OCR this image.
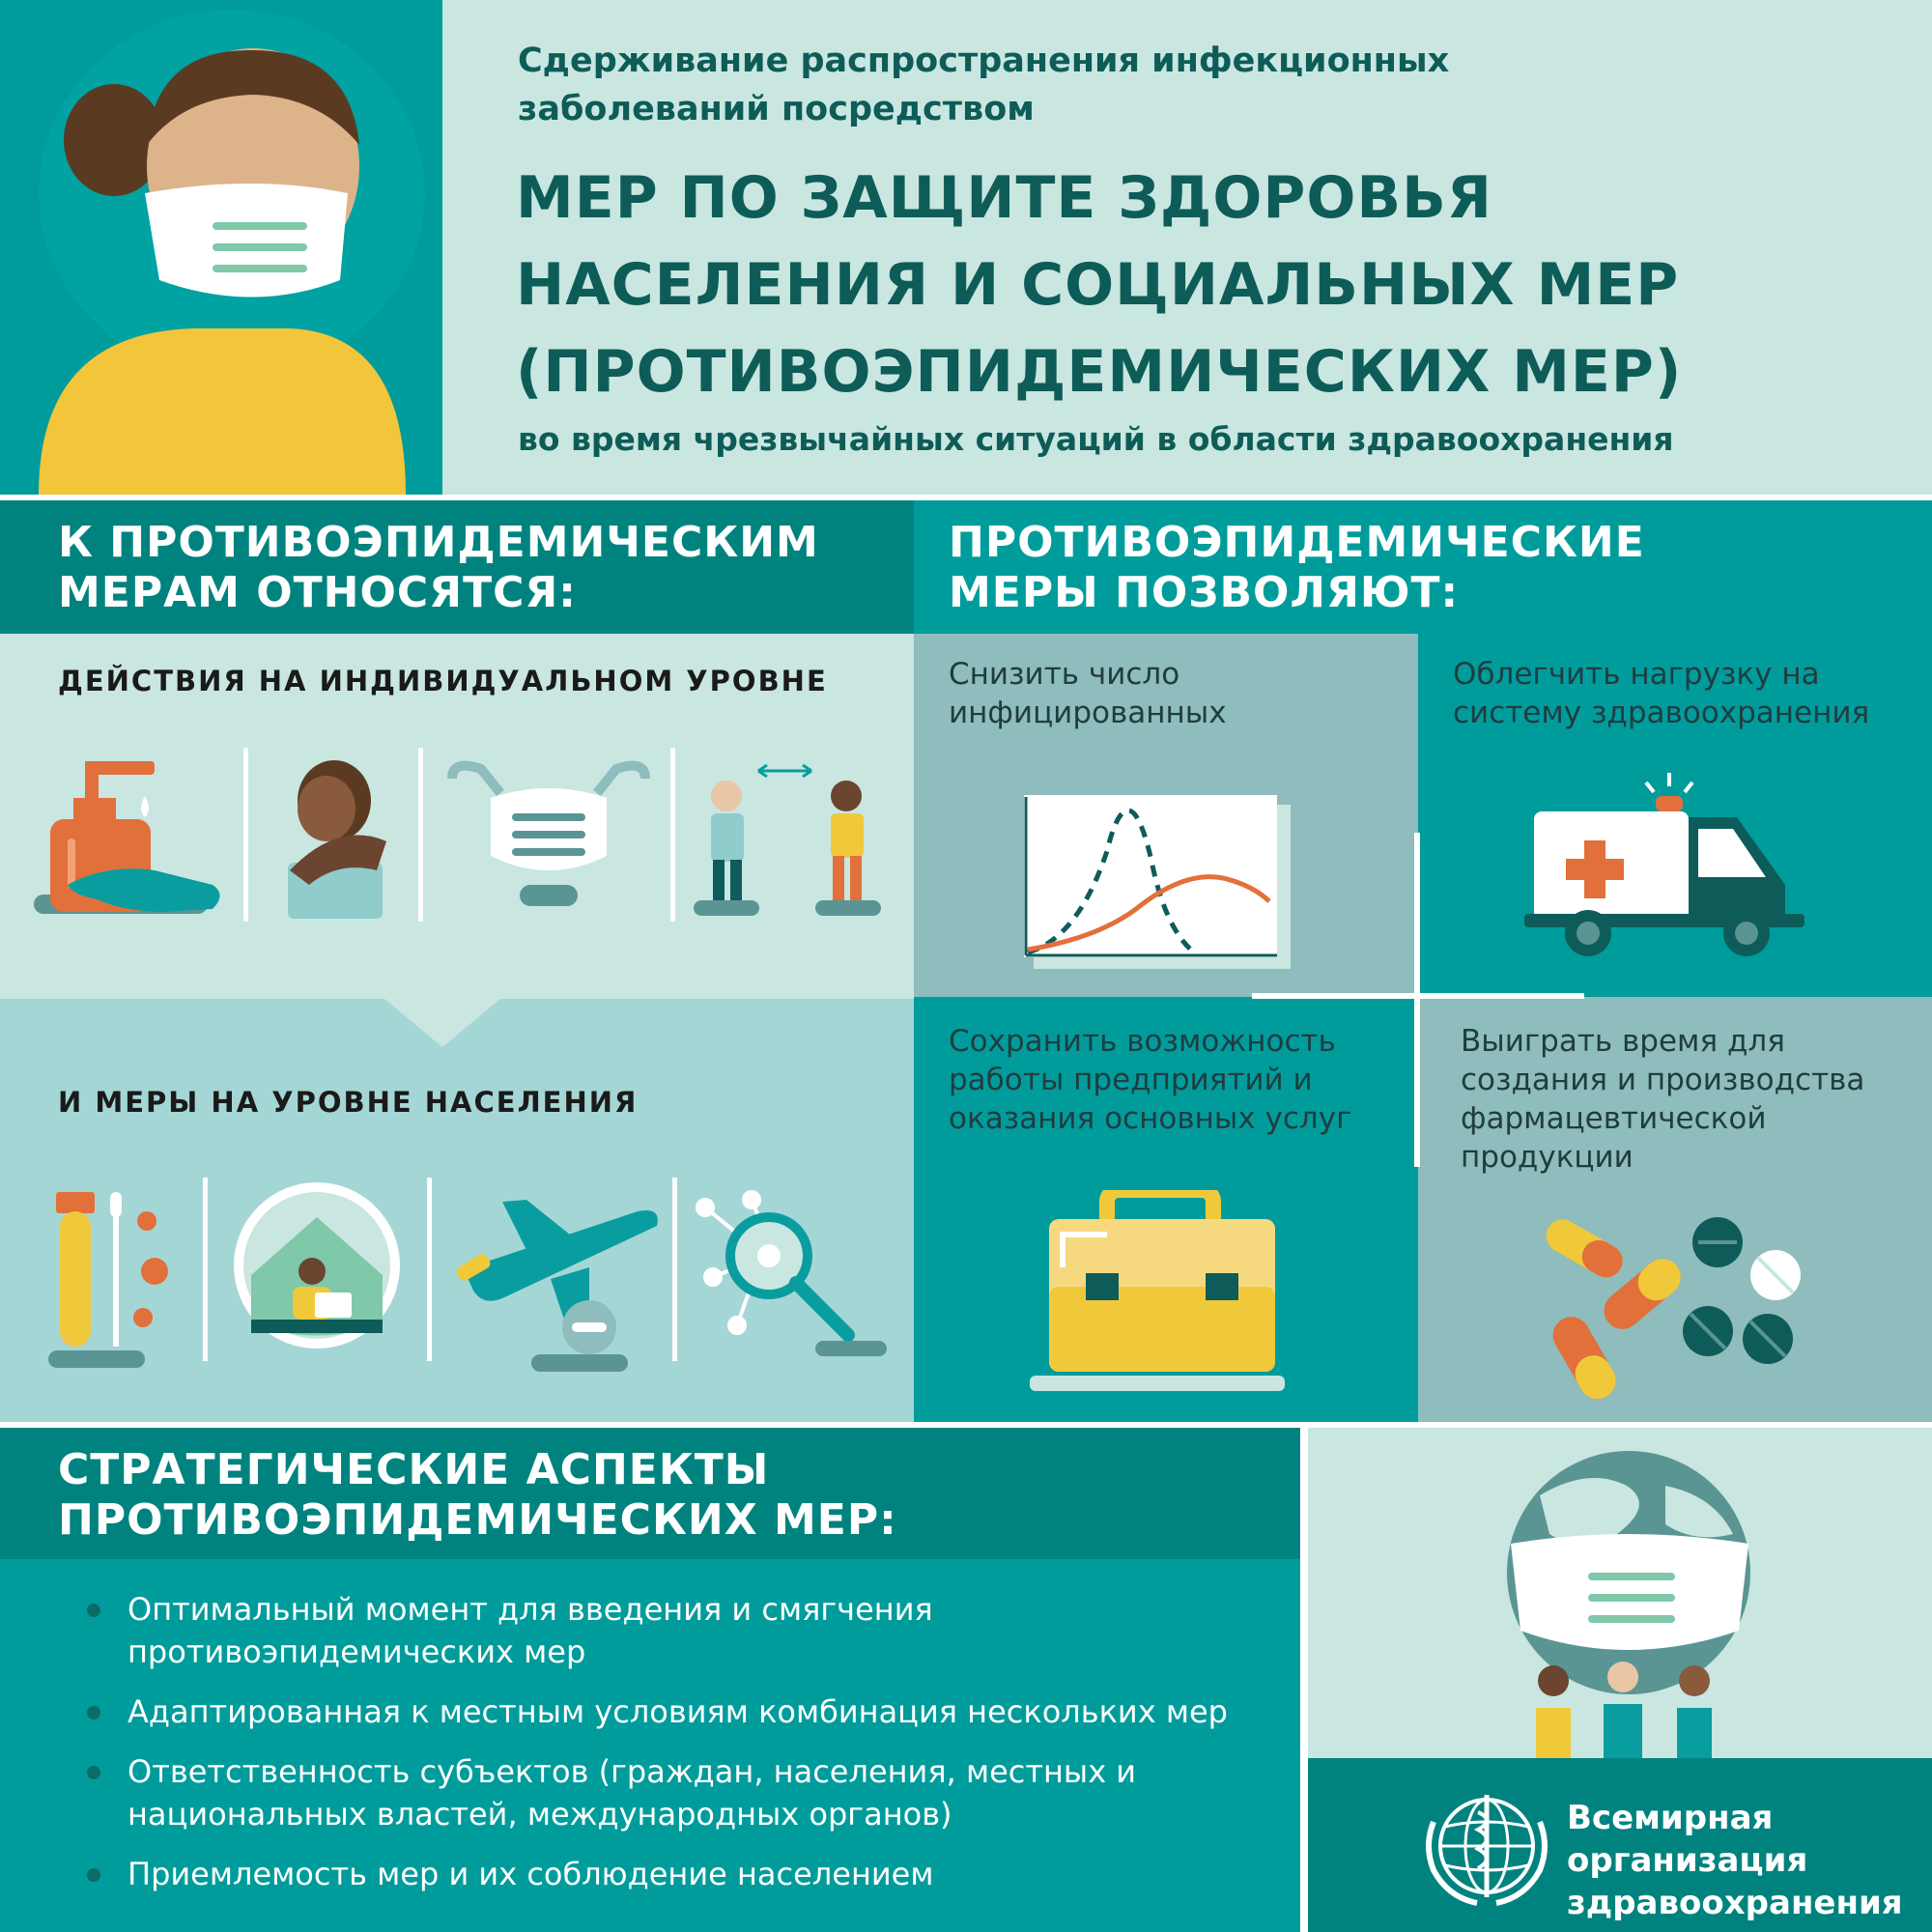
Сдерживание распространения инфекционных
заболеваний посредством
МЕР ПО ЗАЩИТЕ ЗДОРОВЬЯ
НАСЕЛЕНИЯ И СОЦИАЛЬНЫХ МЕР
(ПРОТИВОЭПИДЕМИЧЕСКИХ МЕР)
во время чрезвычайных ситуаций в области здравоохранения
К ПРОТИВОЭПИДЕМИЧЕСКИМ
МЕРАМ ОТНОСЯТСЯ:
ДЕЙСТВИЯ НА ИНДИВИДУАЛЬНОМ УРОВНЕ
И МЕРЫ НА УРОВНЕ НАСЕЛЕНИЯ
ПРОТИВОЭПИДЕМИЧЕСКИЕ
МЕРЫ ПОЗВОЛЯЮТ:
Снизить число
инфицированных
Облегчить нагрузку на
систему здравоохранения
Сохранить возможность
работы предприятий и
оказания основных услуг
Выиграть время для
создания и производства
фармацевтической
продукции
СТРАТЕГИЧЕСКИЕ АСПЕКТЫ
ПРОТИВОЭПИДЕМИЧЕСКИХ МЕР:
Оптимальный момент для введения и смягчения
противоэпидемических мер
Адаптированная к местным условиям комбинация нескольких мер
Ответственность субъектов (граждан, населения, местных и
национальных властей, международных органов)
Приемлемость мер и их соблюдение населением
Всемирная организация
здравоохранения
